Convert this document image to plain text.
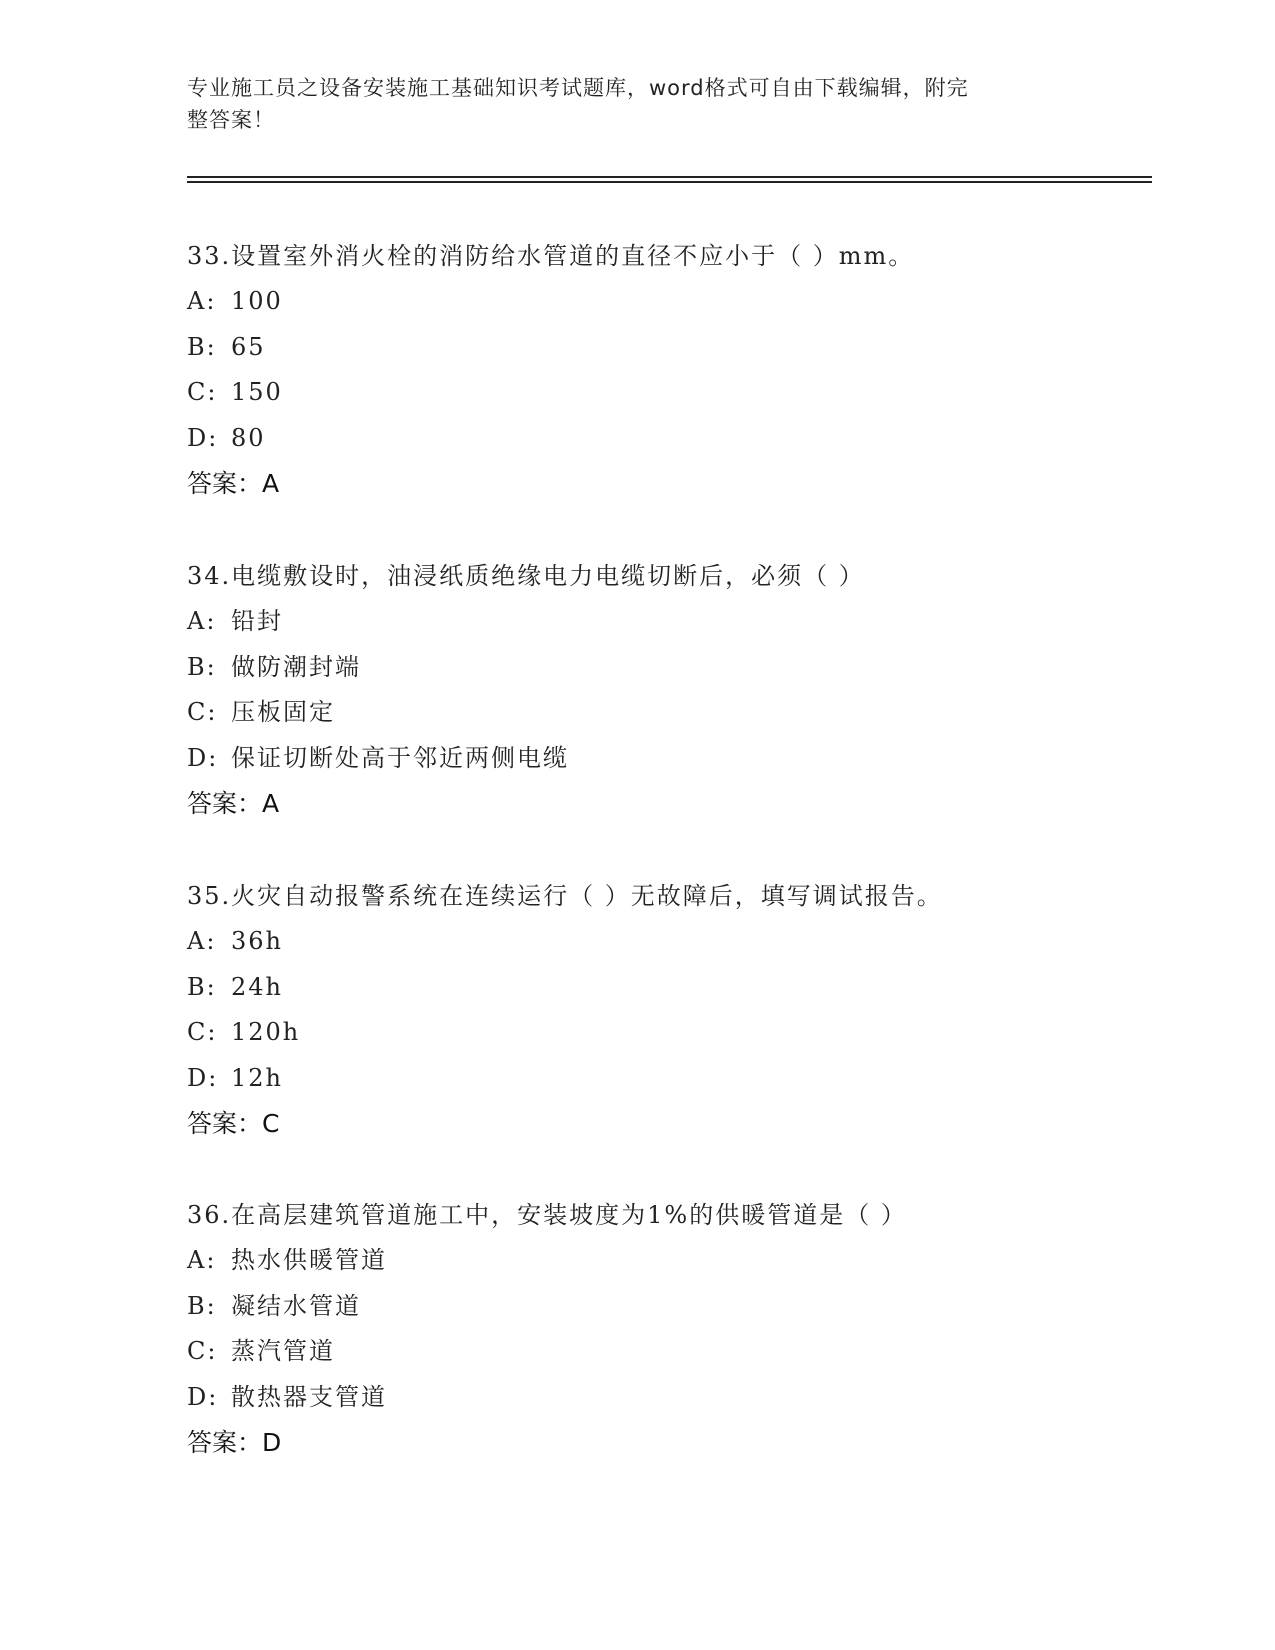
专业施工员之设备安装施工基础知识考试题库，word格式可自由下载编辑，附完
整答案！
33.设置室外消火栓的消防给水管道的直径不应小于（ ）mm。
A: 100
B: 65
C: 150
D: 80
答案：A
34.电缆敷设时，油浸纸质绝缘电力电缆切断后，必须（ ）
A: 铅封
B: 做防潮封端
C: 压板固定
D: 保证切断处高于邻近两侧电缆
答案：A
35.火灾自动报警系统在连续运行（ ）无故障后，填写调试报告。
A: 36h
B: 24h
C: 120h
D: 12h
答案：C
36.在高层建筑管道施工中，安装坡度为1%的供暖管道是（ ）
A: 热水供暖管道
B: 凝结水管道
C: 蒸汽管道
D: 散热器支管道
答案：D
